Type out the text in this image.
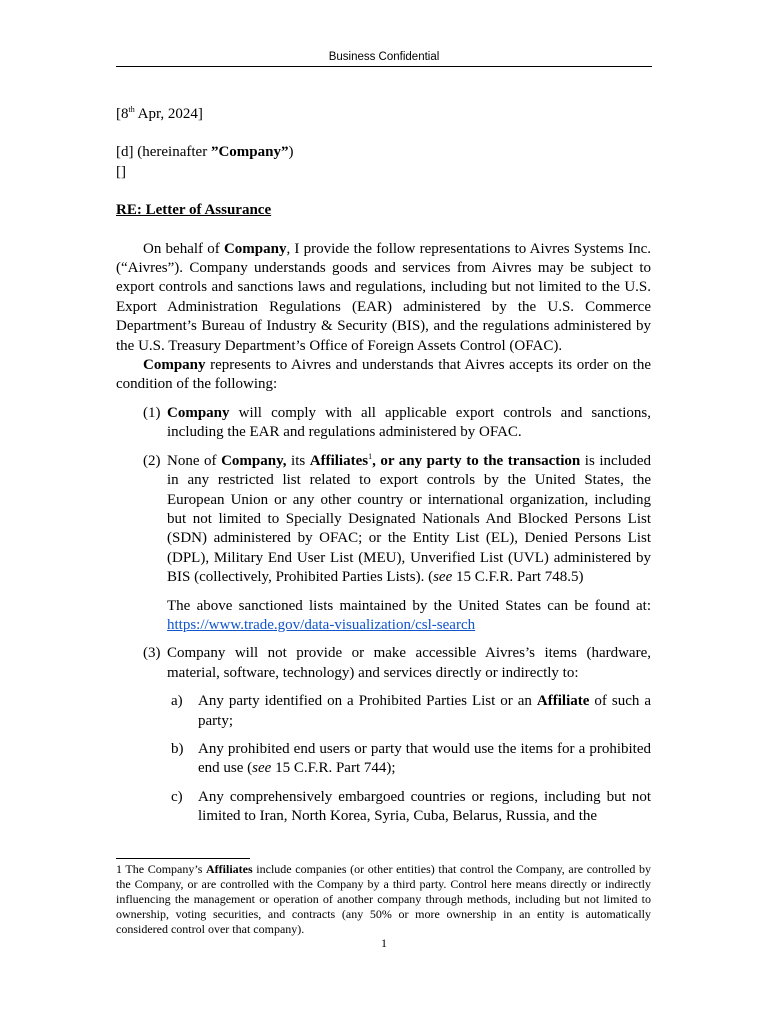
Business Confidential

[8th Apr, 2024]

[d] (hereinafter ”Company”)

[]

RE: Letter of Assurance

On behalf of Company, I provide the follow representations to Aivres Systems Inc. (“Aivres”). Company understands goods and services from Aivres may be subject to export controls and sanctions laws and regulations, including but not limited to the U.S. Export Administration Regulations (EAR) administered by the U.S. Commerce Department’s Bureau of Industry & Security (BIS), and the regulations administered by the U.S. Treasury Department’s Office of Foreign Assets Control (OFAC).

Company represents to Aivres and understands that Aivres accepts its order on the condition of the following:

(1) Company will comply with all applicable export controls and sanctions, including the EAR and regulations administered by OFAC.
(2) None of Company, its Affiliates$^1$, or any party to the transaction is included in any restricted list related to export controls by the United States, the European Union or any other country or international organization, including but not limited to Specially Designated Nationals And Blocked Persons List (SDN) administered by OFAC; or the Entity List (EL), Denied Persons List (DPL), Military End User List (MEU), Unverified List (UVL) administered by BIS (collectively, Prohibited Parties Lists). (see 15 C.F.R. Part 748.5)
The above sanctioned lists maintained by the United States can be found at: https://www.trade.gov/data-visualization/csl-search
(3) Company will not provide or make accessible Aivres’s items (hardware, material, software, technology) and services directly or indirectly to:
a) Any party identified on a Prohibited Parties List or an Affiliate of such a party;
b) Any prohibited end users or party that would use the items for a prohibited end use (see 15 C.F.R. Part 744);
c) Any comprehensively embargoed countries or regions, including but not limited to Iran, North Korea, Syria, Cuba, Belarus, Russia, and the
1 The Company’s Affiliates include companies (or other entities) that control the Company, are controlled by the Company, or are controlled with the Company by a third party. Control here means directly or indirectly influencing the management or operation of another company through methods, including but not limited to ownership, voting securities, and contracts (any 50% or more ownership in an entity is automatically considered control over that company).
1
